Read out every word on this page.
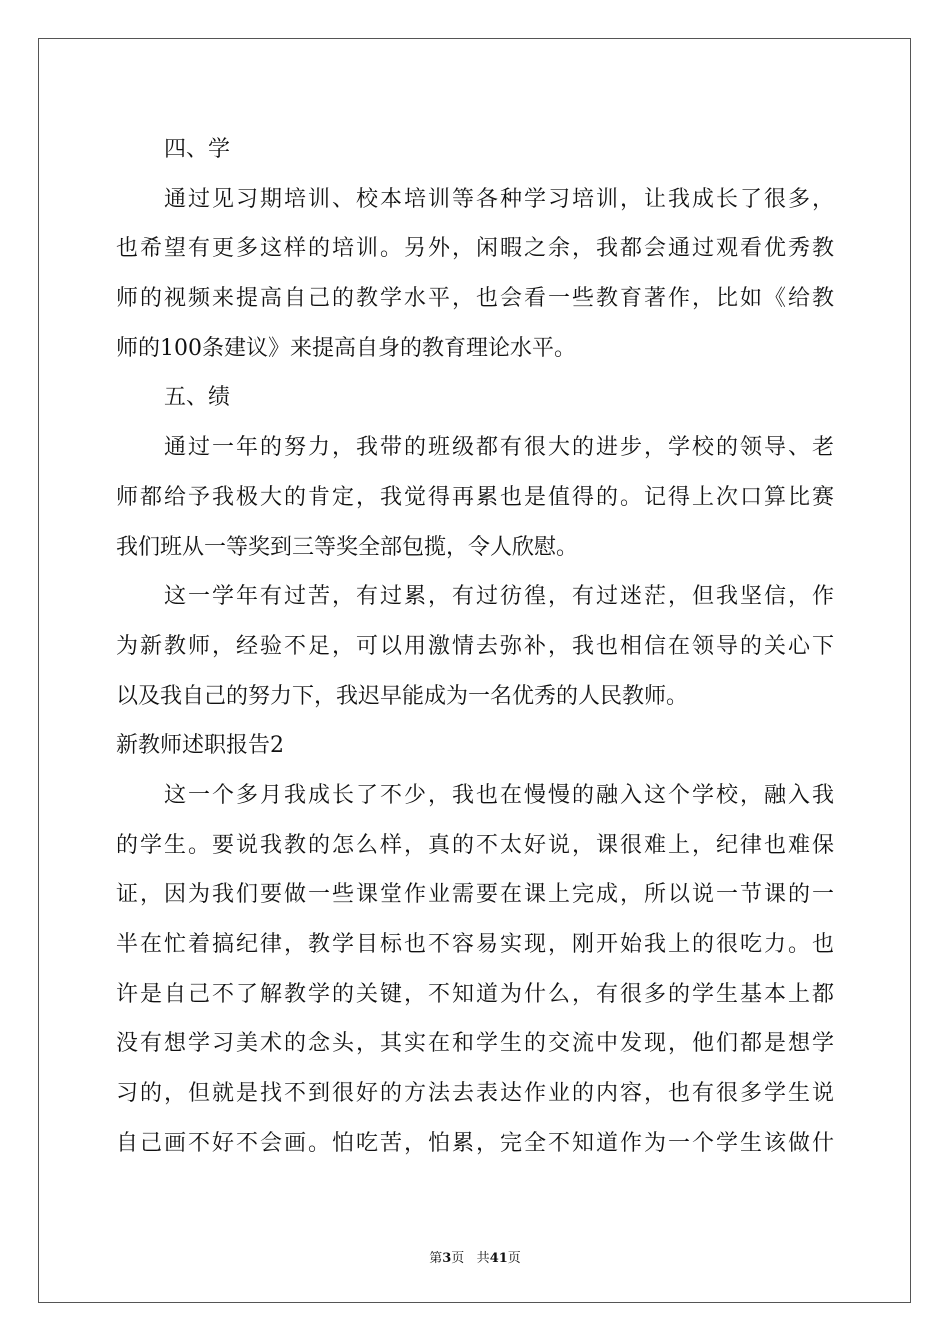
四、学
通过见习期培训、校本培训等各种学习培训，让我成长了很多，
也希望有更多这样的培训。另外，闲暇之余，我都会通过观看优秀教
师的视频来提高自己的教学水平，也会看一些教育著作，比如《给教
师的100条建议》来提高自身的教育理论水平。
五、绩
通过一年的努力，我带的班级都有很大的进步，学校的领导、老
师都给予我极大的肯定，我觉得再累也是值得的。记得上次口算比赛
我们班从一等奖到三等奖全部包揽，令人欣慰。
这一学年有过苦，有过累，有过彷徨，有过迷茫，但我坚信，作
为新教师，经验不足，可以用激情去弥补，我也相信在领导的关心下
以及我自己的努力下，我迟早能成为一名优秀的人民教师。
新教师述职报告2
这一个多月我成长了不少，我也在慢慢的融入这个学校，融入我
的学生。要说我教的怎么样，真的不太好说，课很难上，纪律也难保
证，因为我们要做一些课堂作业需要在课上完成，所以说一节课的一
半在忙着搞纪律，教学目标也不容易实现，刚开始我上的很吃力。也
许是自己不了解教学的关键，不知道为什么，有很多的学生基本上都
没有想学习美术的念头，其实在和学生的交流中发现，他们都是想学
习的，但就是找不到很好的方法去表达作业的内容，也有很多学生说
自己画不好不会画。怕吃苦，怕累，完全不知道作为一个学生该做什
第3页 共41页
